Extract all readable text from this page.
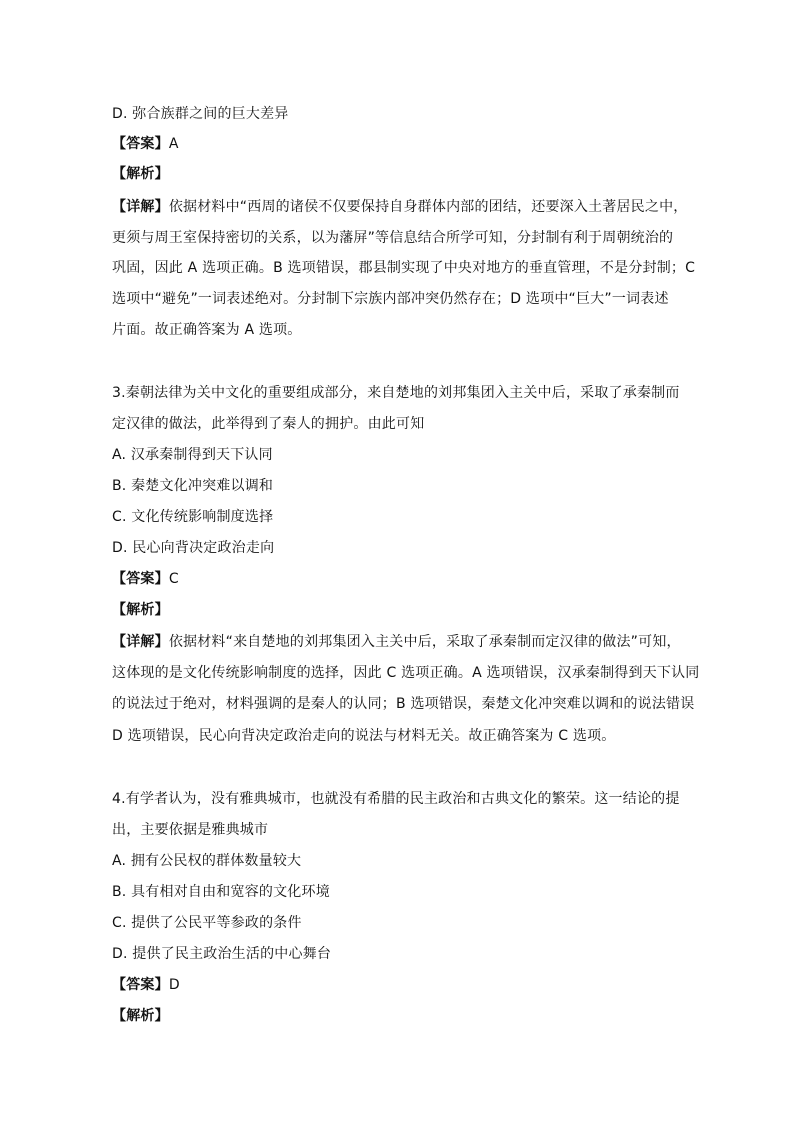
D. 弥合族群之间的巨大差异
【答案】A
【解析】
【详解】依据材料中“西周的诸侯不仅要保持自身群体内部的团结，还要深入土著居民之中，
更须与周王室保持密切的关系，以为藩屏”等信息结合所学可知，分封制有利于周朝统治的
巩固，因此 A 选项正确。B 选项错误，郡县制实现了中央对地方的垂直管理，不是分封制；C
选项中“避免”一词表述绝对。分封制下宗族内部冲突仍然存在；D 选项中“巨大”一词表述
片面。故正确答案为 A 选项。
3.秦朝法律为关中文化的重要组成部分，来自楚地的刘邦集团入主关中后，采取了承秦制而
定汉律的做法，此举得到了秦人的拥护。由此可知
A. 汉承秦制得到天下认同
B. 秦楚文化冲突难以调和
C. 文化传统影响制度选择
D. 民心向背决定政治走向
【答案】C
【解析】
【详解】依据材料“来自楚地的刘邦集团入主关中后，采取了承秦制而定汉律的做法”可知，
这体现的是文化传统影响制度的选择，因此 C 选项正确。A 选项错误，汉承秦制得到天下认同
的说法过于绝对，材料强调的是秦人的认同；B 选项错误，秦楚文化冲突难以调和的说法错误
D 选项错误，民心向背决定政治走向的说法与材料无关。故正确答案为 C 选项。
4.有学者认为，没有雅典城市，也就没有希腊的民主政治和古典文化的繁荣。这一结论的提
出，主要依据是雅典城市
A. 拥有公民权的群体数量较大
B. 具有相对自由和宽容的文化环境
C. 提供了公民平等参政的条件
D. 提供了民主政治生活的中心舞台
【答案】D
【解析】
